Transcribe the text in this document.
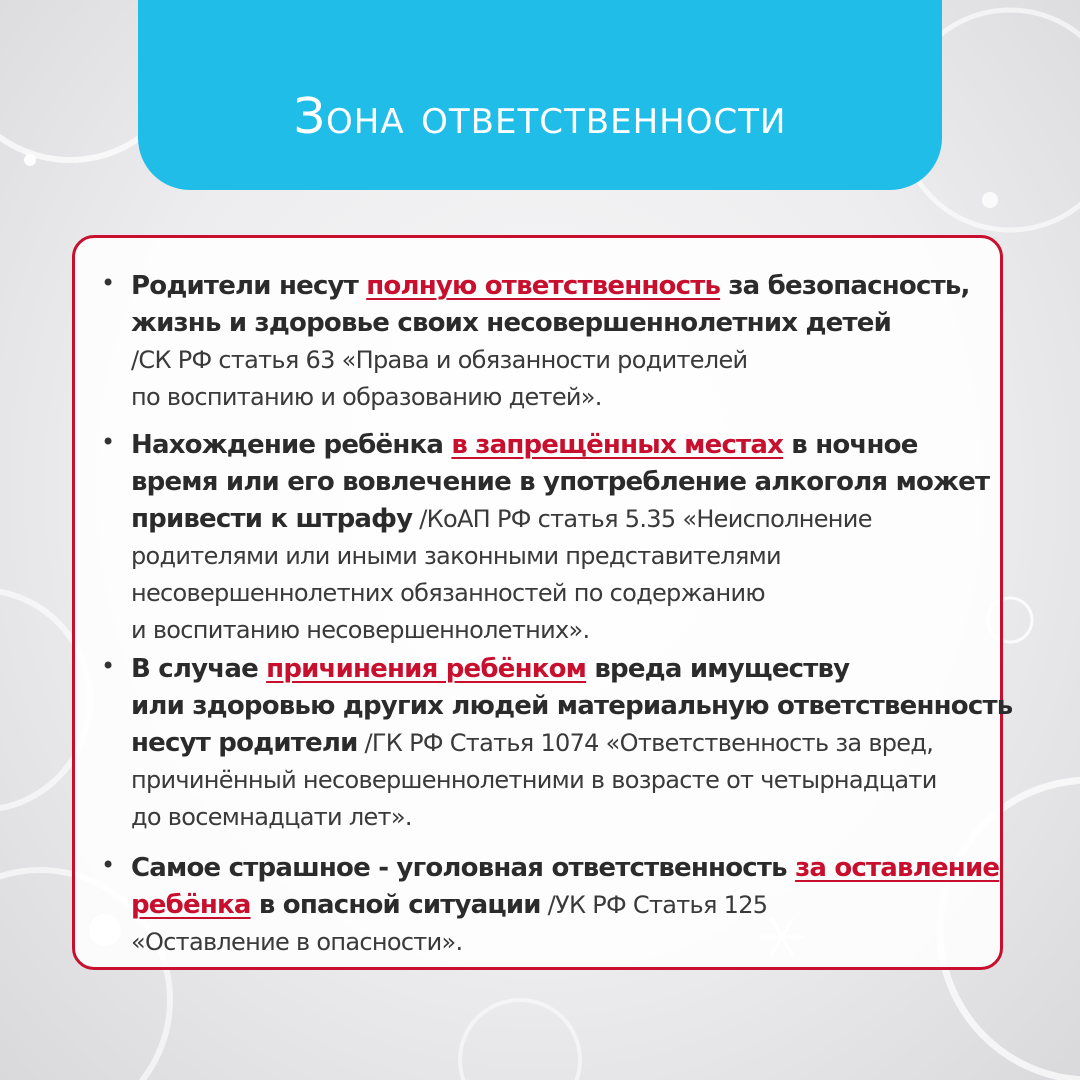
Зона ответственности
• Родители несут полную ответственность за безопасность,
жизнь и здоровье своих несовершеннолетних детей
/СК РФ статья 63 «Права и обязанности родителей
по воспитанию и образованию детей».
• Нахождение ребёнка в запрещённых местах в ночное
время или его вовлечение в употребление алкоголя может
привести к штрафу /КоАП РФ статья 5.35 «Неисполнение
родителями или иными законными представителями
несовершеннолетних обязанностей по содержанию
и воспитанию несовершеннолетних».
• В случае причинения ребёнком вреда имуществу
или здоровью других людей материальную ответственность
несут родители /ГК РФ Статья 1074 «Ответственность за вред,
причинённый несовершеннолетними в возрасте от четырнадцати
до восемнадцати лет».
• Самое страшное - уголовная ответственность за оставление
ребёнка в опасной ситуации /УК РФ Статья 125
«Оставление в опасности».
